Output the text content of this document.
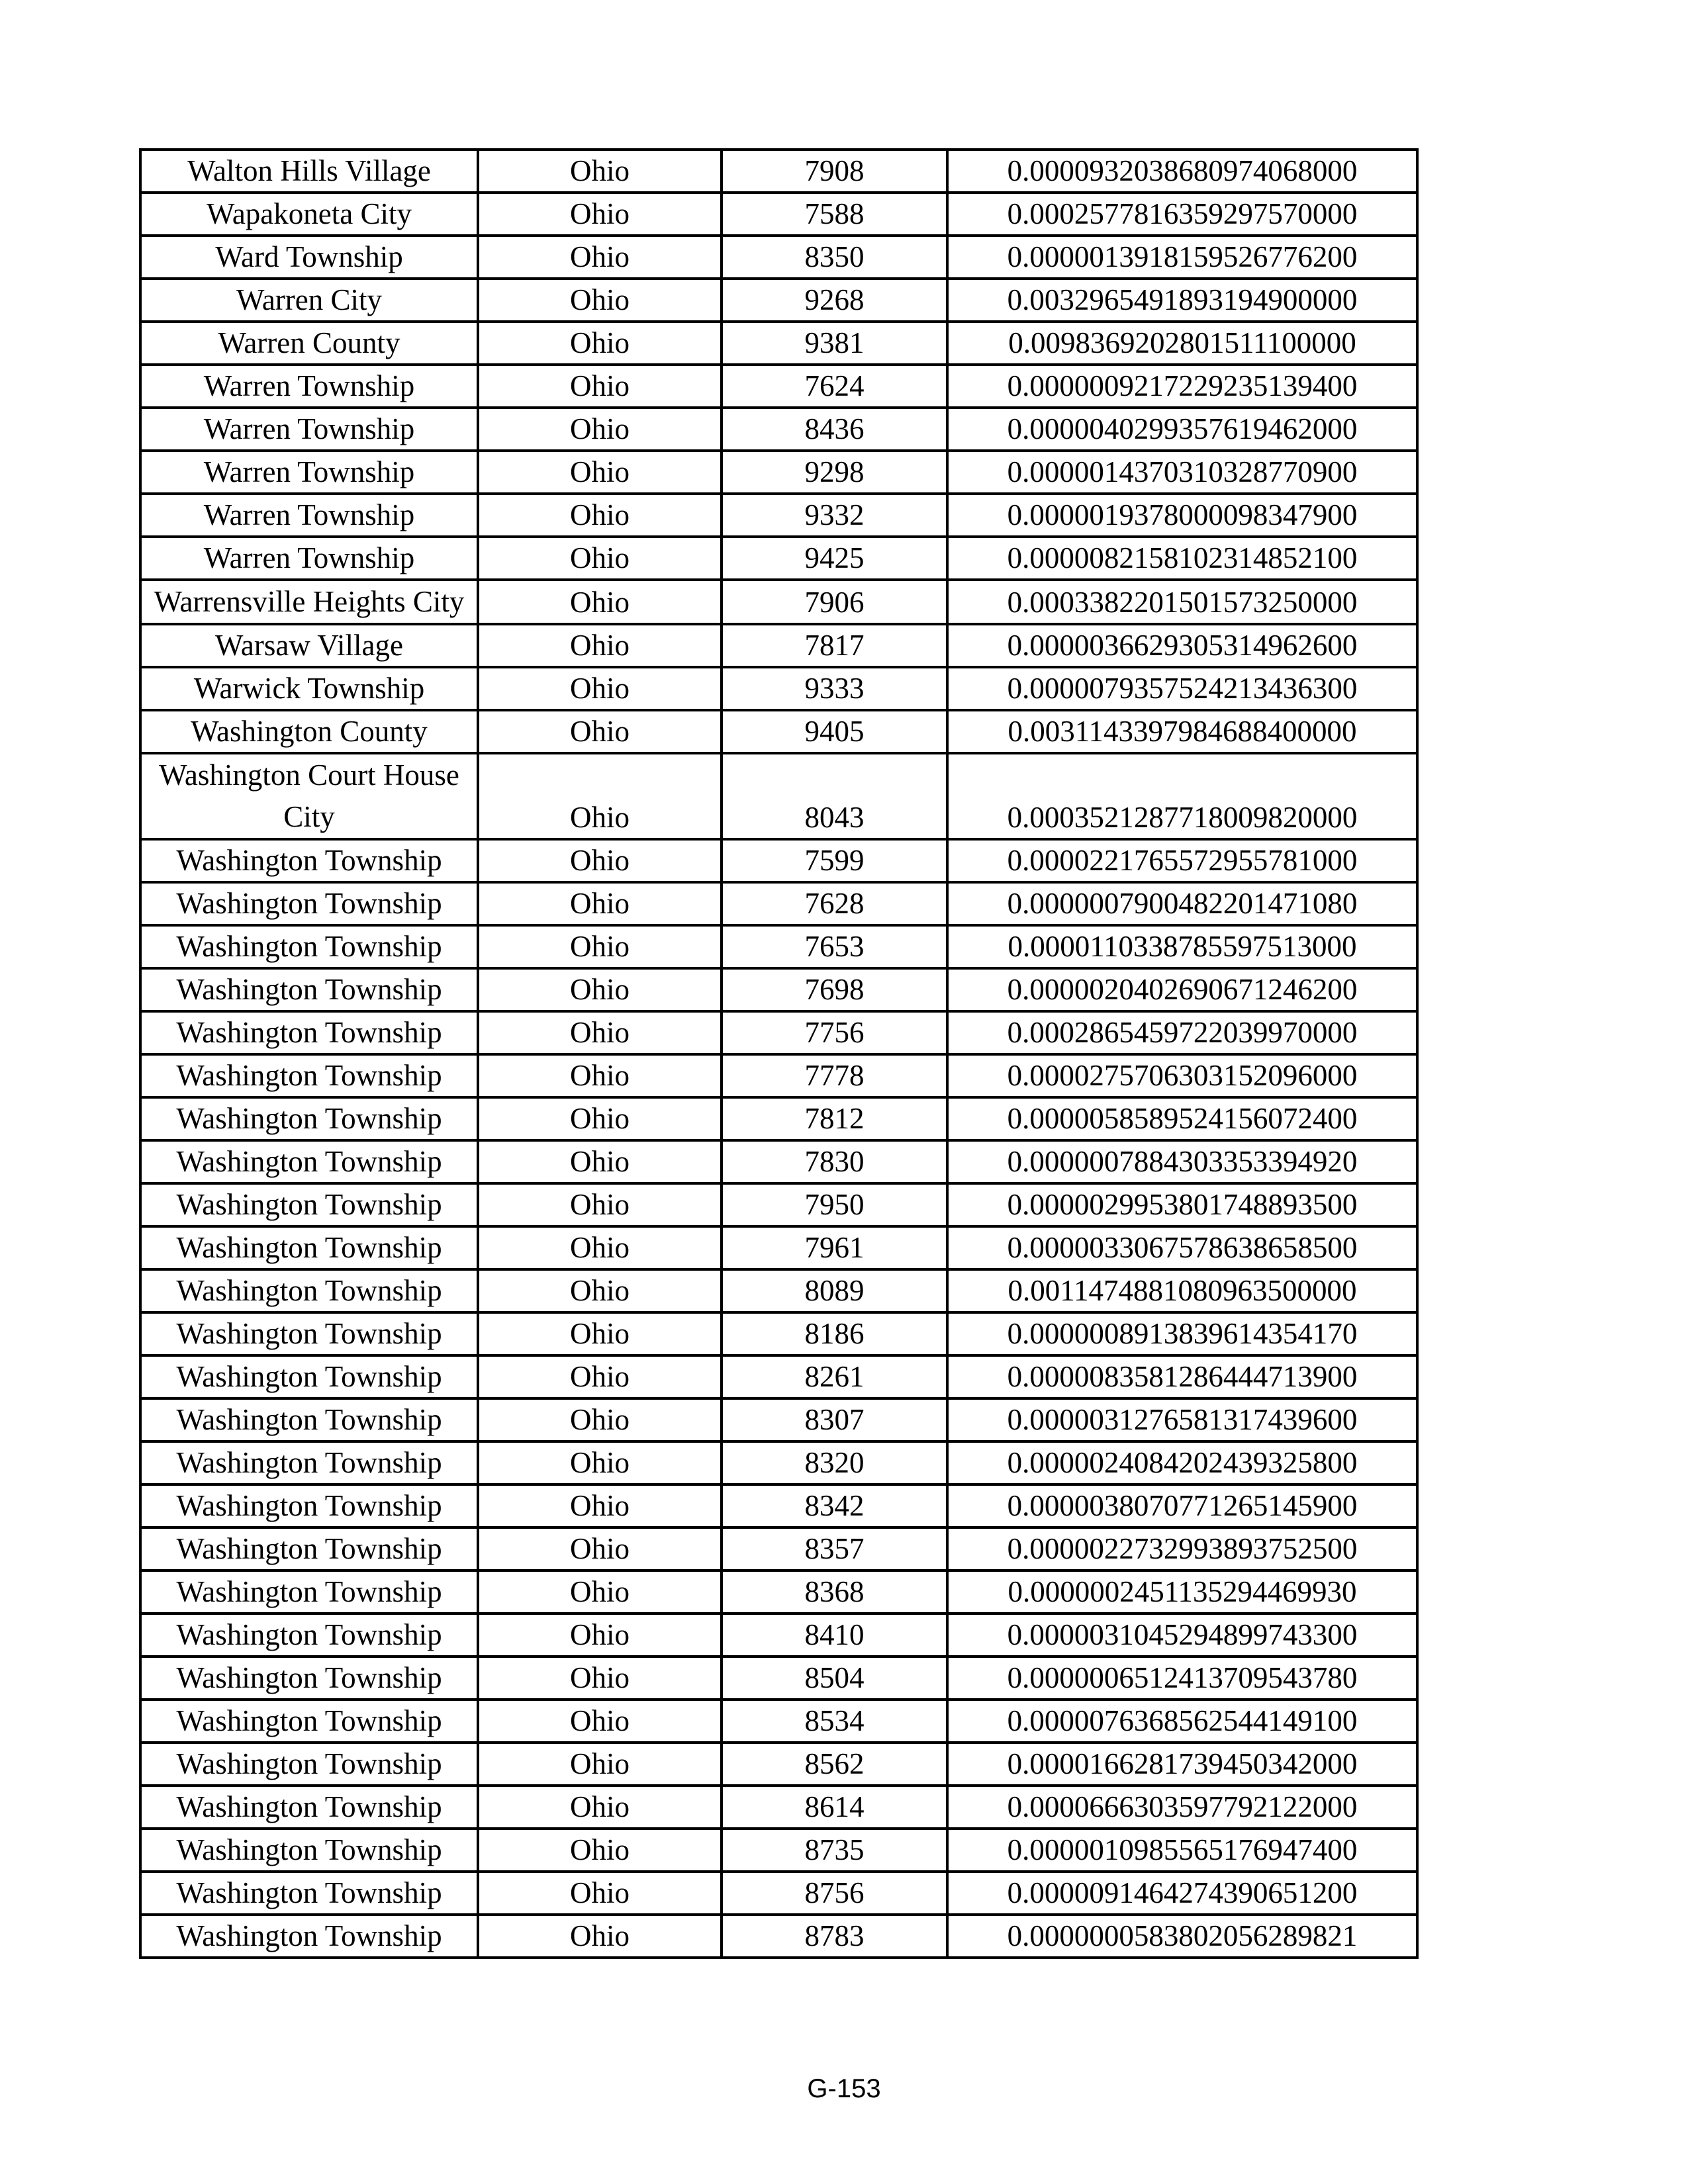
Walton Hills Village	Ohio	7908	0.0000932038680974068000
Wapakoneta City	Ohio	7588	0.0002577816359297570000
Ward Township	Ohio	8350	0.0000013918159526776200
Warren City	Ohio	9268	0.0032965491893194900000
Warren County	Ohio	9381	0.0098369202801511100000
Warren Township	Ohio	7624	0.0000009217229235139400
Warren Township	Ohio	8436	0.0000040299357619462000
Warren Township	Ohio	9298	0.0000014370310328770900
Warren Township	Ohio	9332	0.0000019378000098347900
Warren Township	Ohio	9425	0.0000082158102314852100
Warrensville Heights City	Ohio	7906	0.0003382201501573250000
Warsaw Village	Ohio	7817	0.0000036629305314962600
Warwick Township	Ohio	9333	0.0000079357524213436300
Washington County	Ohio	9405	0.0031143397984688400000
Washington Court House City	Ohio	8043	0.0003521287718009820000
Washington Township	Ohio	7599	0.0000221765572955781000
Washington Township	Ohio	7628	0.0000007900482201471080
Washington Township	Ohio	7653	0.0000110338785597513000
Washington Township	Ohio	7698	0.0000020402690671246200
Washington Township	Ohio	7756	0.0002865459722039970000
Washington Township	Ohio	7778	0.0000275706303152096000
Washington Township	Ohio	7812	0.0000058589524156072400
Washington Township	Ohio	7830	0.0000007884303353394920
Washington Township	Ohio	7950	0.0000029953801748893500
Washington Township	Ohio	7961	0.0000033067578638658500
Washington Township	Ohio	8089	0.0011474881080963500000
Washington Township	Ohio	8186	0.0000008913839614354170
Washington Township	Ohio	8261	0.0000083581286444713900
Washington Township	Ohio	8307	0.0000031276581317439600
Washington Township	Ohio	8320	0.0000024084202439325800
Washington Township	Ohio	8342	0.0000038070771265145900
Washington Township	Ohio	8357	0.0000022732993893752500
Washington Township	Ohio	8368	0.0000002451135294469930
Washington Township	Ohio	8410	0.0000031045294899743300
Washington Township	Ohio	8504	0.0000006512413709543780
Washington Township	Ohio	8534	0.0000076368562544149100
Washington Township	Ohio	8562	0.0000166281739450342000
Washington Township	Ohio	8614	0.0000666303597792122000
Washington Township	Ohio	8735	0.0000010985565176947400
Washington Township	Ohio	8756	0.0000091464274390651200
Washington Township	Ohio	8783	0.0000000583802056289821
G-153
